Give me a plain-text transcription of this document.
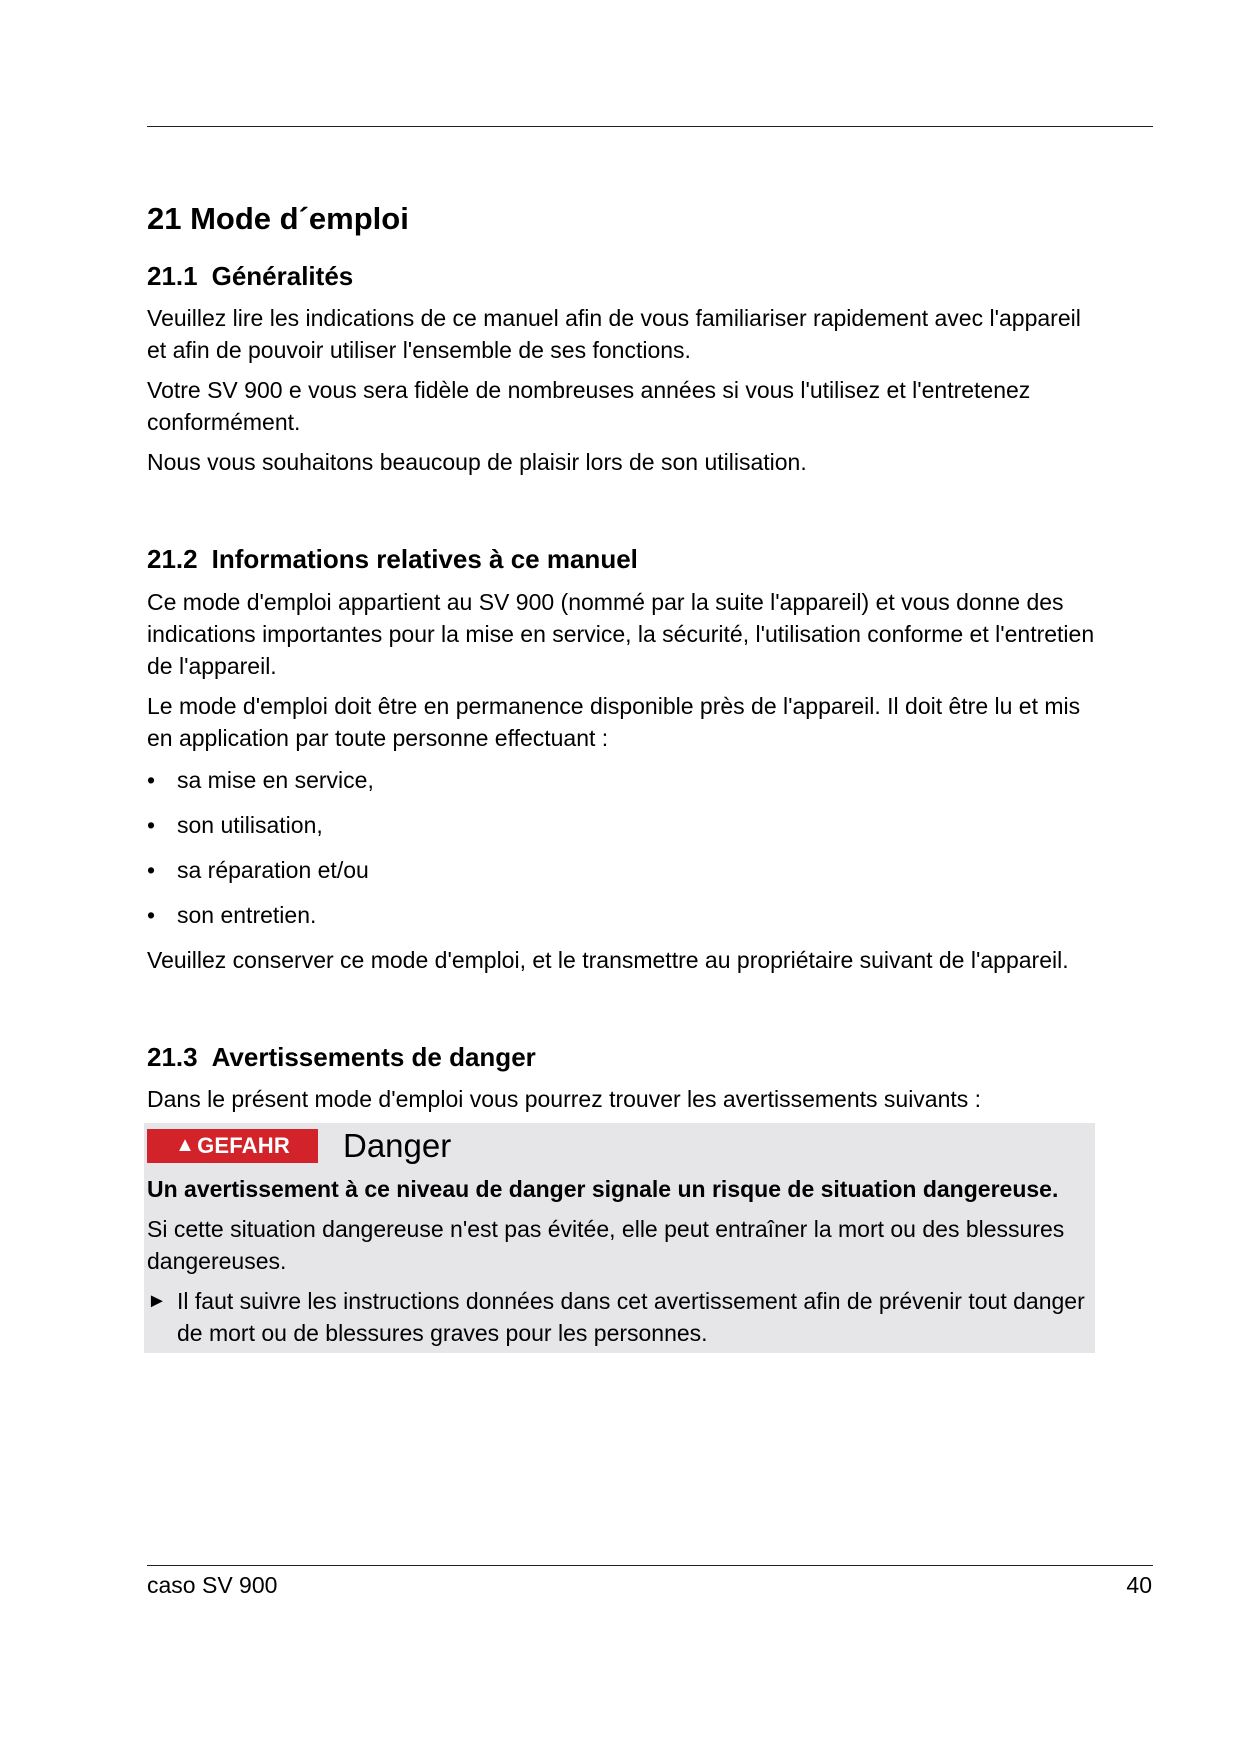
21 Mode d´emploi
21.1 Généralités

Veuillez lire les indications de ce manuel afin de vous familiariser rapidement avec l'appareil et afin de pouvoir utiliser l'ensemble de ses fonctions.

Votre SV 900 e vous sera fidèle de nombreuses années si vous l'utilisez et l'entretenez conformément.

Nous vous souhaitons beaucoup de plaisir lors de son utilisation.

21.2 Informations relatives à ce manuel

Ce mode d'emploi appartient au SV 900 (nommé par la suite l'appareil) et vous donne des indications importantes pour la mise en service, la sécurité, l'utilisation conforme et l'entretien de l'appareil.

Le mode d'emploi doit être en permanence disponible près de l'appareil. Il doit être lu et mis en application par toute personne effectuant :

• sa mise en service,
• son utilisation,
• sa réparation et/ou
• son entretien.

Veuillez conserver ce mode d'emploi, et le transmettre au propriétaire suivant de l'appareil.

21.3 Avertissements de danger

Dans le présent mode d'emploi vous pourrez trouver les avertissements suivants :

▲ GEFAHR Danger

Un avertissement à ce niveau de danger signale un risque de situation dangereuse.

Si cette situation dangereuse n'est pas évitée, elle peut entraîner la mort ou des blessures dangereuses.

► Il faut suivre les instructions données dans cet avertissement afin de prévenir tout danger de mort ou de blessures graves pour les personnes.

caso SV 900	40
